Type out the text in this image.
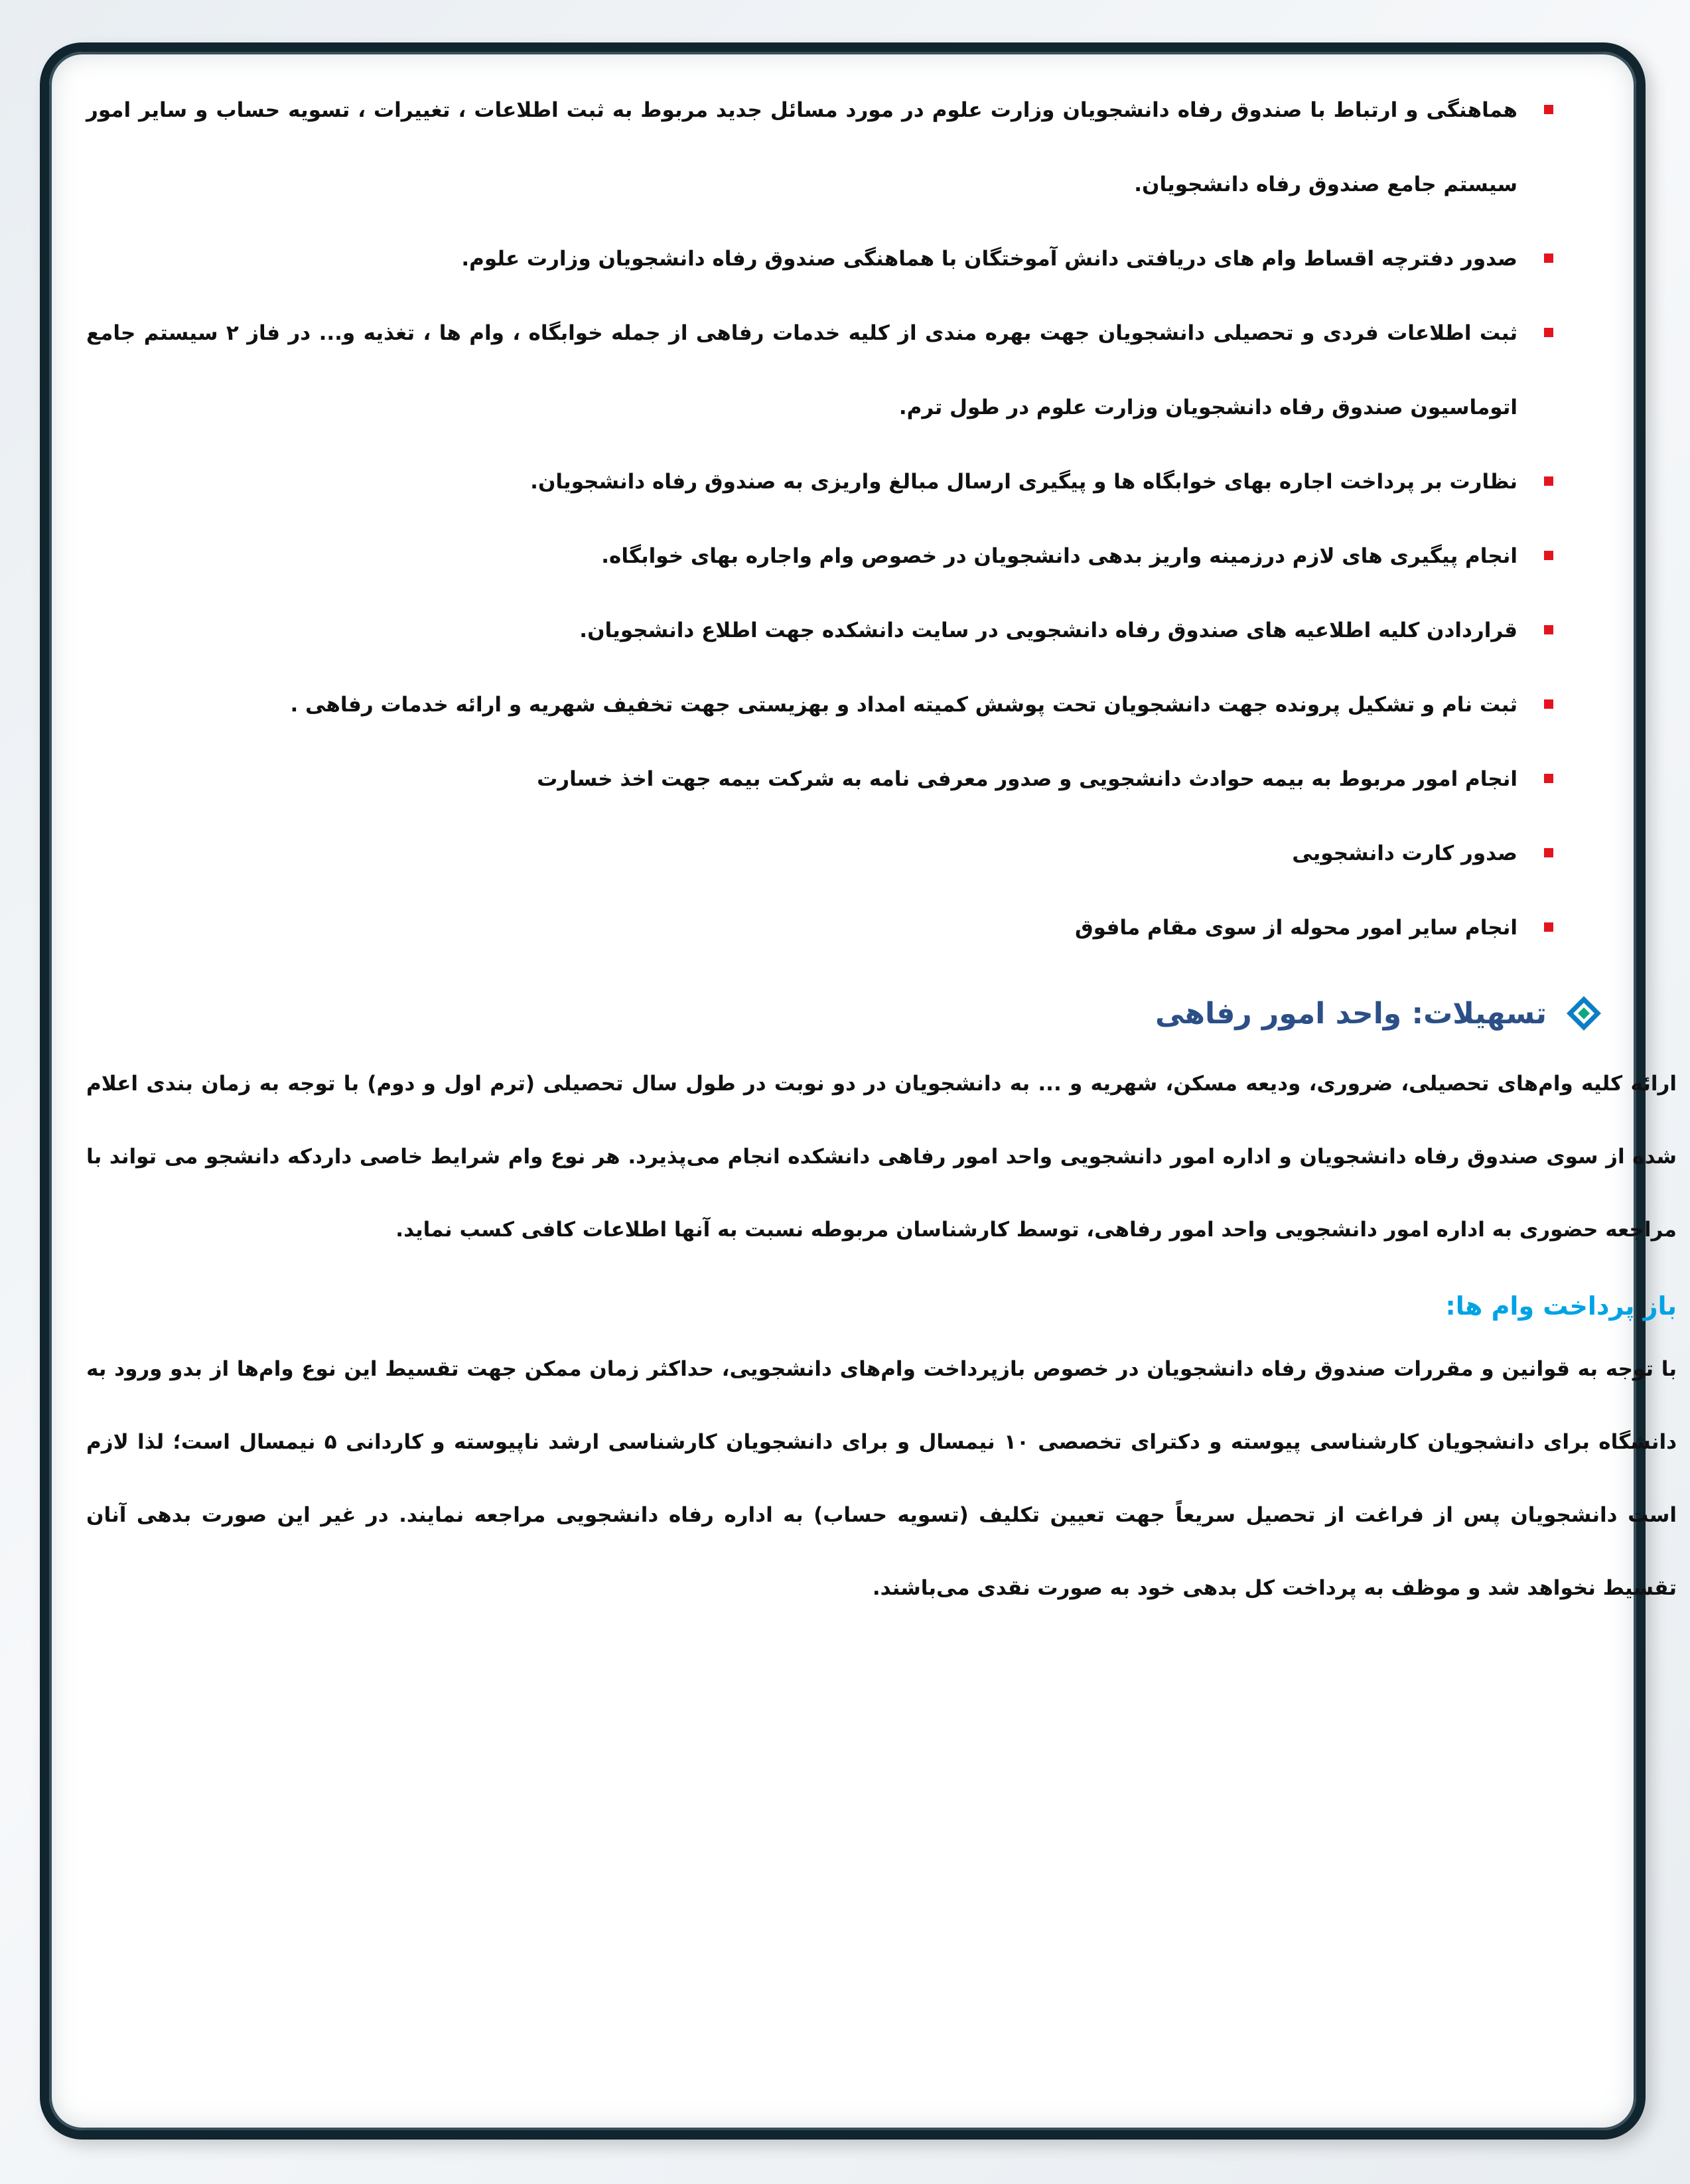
هماهنگی و ارتباط با صندوق رفاه دانشجویان وزارت علوم در مورد مسائل جدید مربوط به ثبت اطلاعات ، تغییرات ، تسویه حساب و سایر امور سیستم جامع صندوق رفاه دانشجویان.
صدور دفترچه اقساط وام های دریافتی دانش آموختگان با هماهنگی صندوق رفاه دانشجویان وزارت علوم.
ثبت اطلاعات فردی و تحصیلی دانشجویان جهت بهره مندی از کلیه خدمات رفاهی از جمله خوابگاه ، وام ها ، تغذیه و... در فاز ۲ سیستم جامع اتوماسیون صندوق رفاه دانشجویان وزارت علوم در طول ترم.
نظارت بر پرداخت اجاره بهای خوابگاه ها و پیگیری ارسال مبالغ واریزی به صندوق رفاه دانشجویان.
انجام پیگیری های لازم درزمینه واریز بدهی دانشجویان در خصوص وام واجاره بهای خوابگاه.
قراردادن کلیه اطلاعیه های صندوق رفاه دانشجویی در سایت دانشکده جهت اطلاع دانشجویان.
ثبت نام و تشکیل پرونده جهت دانشجویان تحت پوشش کمیته امداد و بهزیستی جهت تخفیف شهریه و ارائه خدمات رفاهی .
انجام امور مربوط به بیمه حوادث دانشجویی و صدور معرفی نامه به شرکت بیمه جهت اخذ خسارت
صدور کارت دانشجویی
انجام سایر امور محوله از سوی مقام مافوق
تسهیلات: واحد امور رفاهی

ارائه کلیه وام‌های تحصیلی، ضروری، ودیعه مسکن، شهریه و ... به دانشجویان در دو نوبت در طول سال تحصیلی (ترم اول و دوم) با توجه به زمان بندی اعلام شده از سوی صندوق رفاه دانشجویان و اداره امور دانشجویی واحد امور رفاهی دانشکده انجام می‌پذیرد. هر نوع وام شرایط خاصی داردکه دانشجو می تواند با مراجعه حضوری به اداره امور دانشجویی واحد امور رفاهی، توسط کارشناسان مربوطه نسبت به آنها اطلاعات کافی کسب نماید.

باز پرداخت وام ها:

با توجه به قوانین و مقررات صندوق رفاه دانشجویان در خصوص بازپرداخت وام‌های دانشجویی، حداکثر زمان ممکن جهت تقسیط این نوع وام‌ها از بدو ورود به دانشگاه برای دانشجویان کارشناسی پیوسته و دکترای تخصصی ۱۰ نیمسال و برای دانشجویان کارشناسی ارشد ناپیوسته و کاردانی ۵ نیمسال است؛ لذا لازم است دانشجویان پس از فراغت از تحصیل سریعاً جهت تعیین تکلیف (تسویه حساب) به اداره رفاه دانشجویی مراجعه نمایند. در غیر این صورت بدهی آنان تقسیط نخواهد شد و موظف به پرداخت کل بدهی خود به صورت نقدی می‌باشند.
